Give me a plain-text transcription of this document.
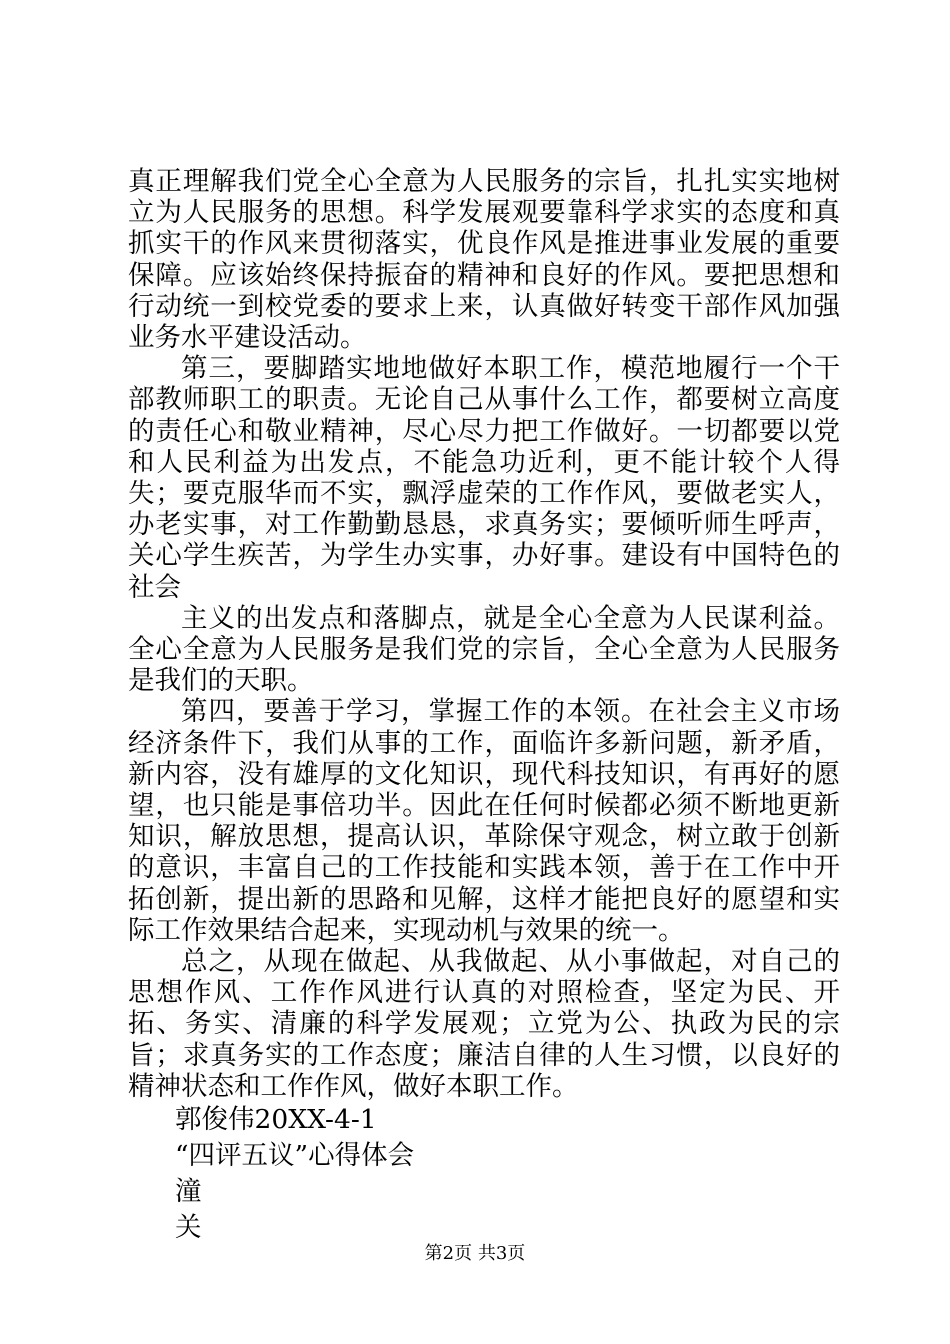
真正理解我们党全心全意为人民服务的宗旨，扎扎实实地树立为人民服务的思想。科学发展观要靠科学求实的态度和真抓实干的作风来贯彻落实，优良作风是推进事业发展的重要保障。应该始终保持振奋的精神和良好的作风。要把思想和行动统一到校党委的要求上来，认真做好转变干部作风加强业务水平建设活动。

第三，要脚踏实地地做好本职工作，模范地履行一个干部教师职工的职责。无论自己从事什么工作，都要树立高度的责任心和敬业精神，尽心尽力把工作做好。一切都要以党和人民利益为出发点，不能急功近利，更不能计较个人得失；要克服华而不实，飘浮虚荣的工作作风，要做老实人，办老实事，对工作勤勤恳恳，求真务实；要倾听师生呼声，关心学生疾苦，为学生办实事，办好事。建设有中国特色的社会

主义的出发点和落脚点，就是全心全意为人民谋利益。全心全意为人民服务是我们党的宗旨，全心全意为人民服务是我们的天职。

第四，要善于学习，掌握工作的本领。在社会主义市场经济条件下，我们从事的工作，面临许多新问题，新矛盾，新内容，没有雄厚的文化知识，现代科技知识，有再好的愿望，也只能是事倍功半。因此在任何时候都必须不断地更新知识，解放思想，提高认识，革除保守观念，树立敢于创新的意识，丰富自己的工作技能和实践本领，善于在工作中开拓创新，提出新的思路和见解，这样才能把良好的愿望和实际工作效果结合起来，实现动机与效果的统一。

总之，从现在做起、从我做起、从小事做起，对自己的思想作风、工作作风进行认真的对照检查，坚定为民、开拓、务实、清廉的科学发展观；立党为公、执政为民的宗旨；求真务实的工作态度；廉洁自律的人生习惯，以良好的精神状态和工作作风，做好本职工作。

郭俊伟20XX-4-1

“四评五议”心得体会

潼

关

第2页 共3页
